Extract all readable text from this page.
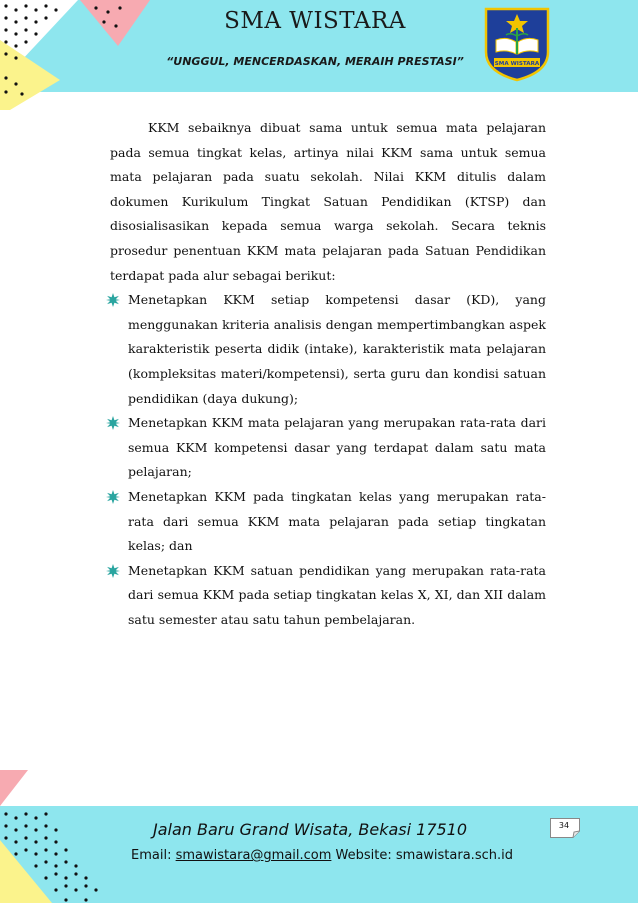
SMA WISTARA
“UNGGUL, MENCERDASKAN, MERAIH PRESTASI”	SMA WISTARA

KKM sebaiknya dibuat sama untuk semua mata pelajaran pada semua tingkat kelas, artinya nilai KKM sama untuk semua mata pelajaran pada suatu sekolah. Nilai KKM ditulis dalam dokumen Kurikulum Tingkat Satuan Pendidikan (KTSP) dan disosialisasikan kepada semua warga sekolah. Secara teknis prosedur penentuan KKM mata pelajaran pada Satuan Pendidikan terdapat pada alur sebagai berikut:

Menetapkan KKM setiap kompetensi dasar (KD), yang menggunakan kriteria analisis dengan mempertimbangkan aspek karakteristik peserta didik (intake), karakteristik mata pelajaran (kompleksitas materi/kompetensi), serta guru dan kondisi satuan pendidikan (daya dukung);
Menetapkan KKM mata pelajaran yang merupakan rata-rata dari semua KKM kompetensi dasar yang terdapat dalam satu mata pelajaran;
Menetapkan KKM pada tingkatan kelas yang merupakan rata-rata dari semua KKM mata pelajaran pada setiap tingkatan kelas; dan
Menetapkan KKM satuan pendidikan yang merupakan rata-rata dari semua KKM pada setiap tingkatan kelas X, XI, dan XII dalam satu semester atau satu tahun pembelajaran.
Jalan Baru Grand Wisata, Bekasi 17510
Email: smawistara@gmail.com Website: smawistara.sch.id
34
